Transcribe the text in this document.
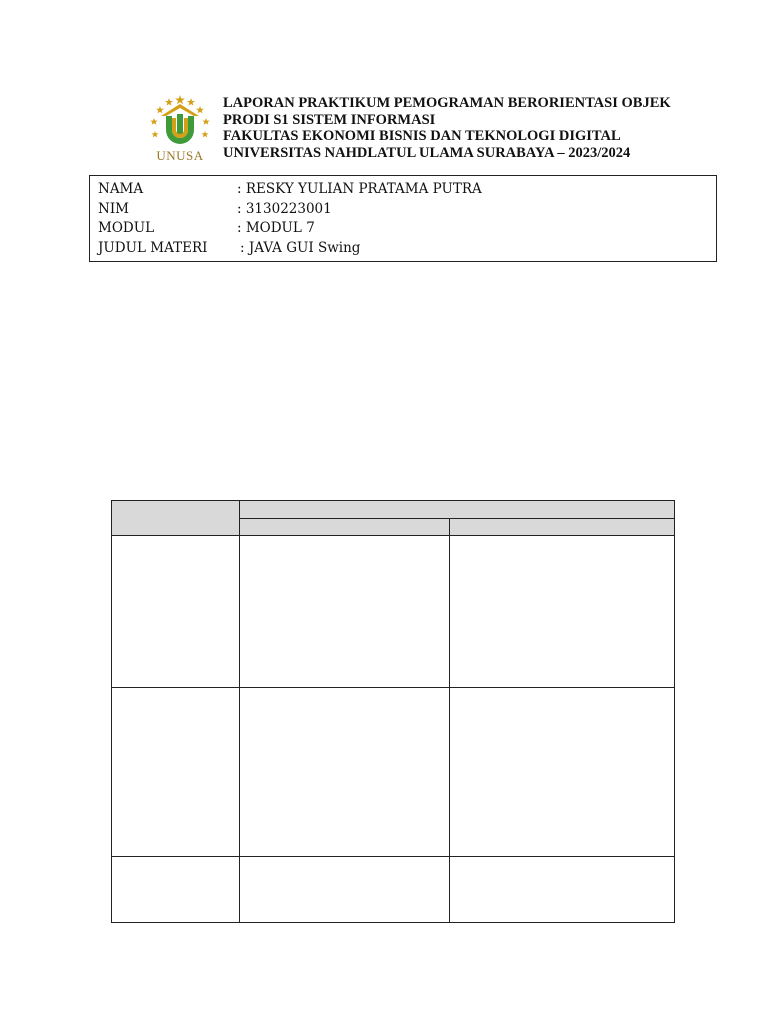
UNUSA
LAPORAN PRAKTIKUM PEMOGRAMAN BERORIENTASI OBJEK
PRODI S1 SISTEM INFORMASI
FAKULTAS EKONOMI BISNIS DAN TEKNOLOGI DIGITAL
UNIVERSITAS NAHDLATUL ULAMA SURABAYA – 2023/2024
NAMA	: RESKY YULIAN PRATAMA PUTRA
NIM	: 3130223001
MODUL	: MODUL 7
JUDUL MATERI	: JAVA GUI Swing
